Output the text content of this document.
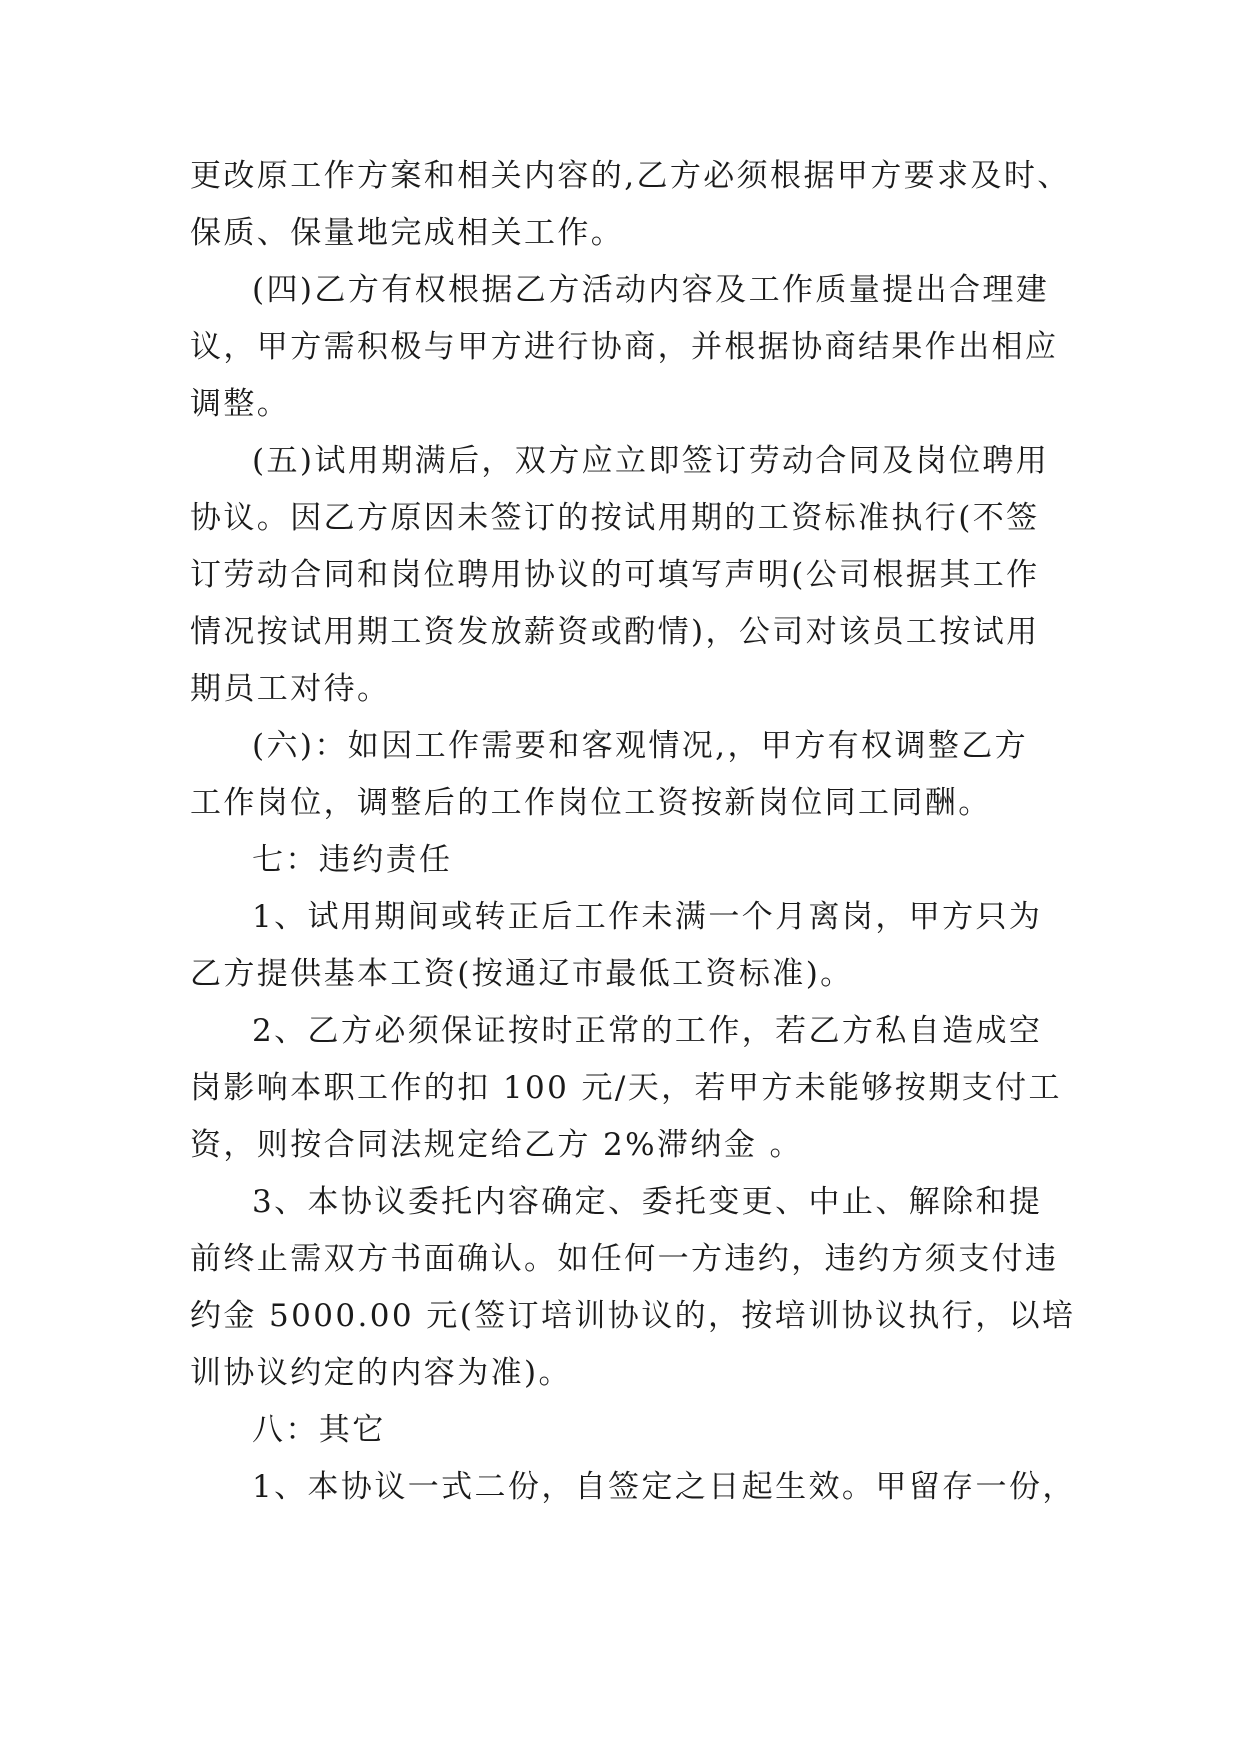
更改原工作方案和相关内容的,乙方必须根据甲方要求及时、
保质、保量地完成相关工作。
(四)乙方有权根据乙方活动内容及工作质量提出合理建
议，甲方需积极与甲方进行协商，并根据协商结果作出相应
调整。
(五)试用期满后，双方应立即签订劳动合同及岗位聘用
协议。因乙方原因未签订的按试用期的工资标准执行(不签
订劳动合同和岗位聘用协议的可填写声明(公司根据其工作
情况按试用期工资发放薪资或酌情)，公司对该员工按试用
期员工对待。
(六)：如因工作需要和客观情况,，甲方有权调整乙方
工作岗位，调整后的工作岗位工资按新岗位同工同酬。
七：违约责任
1、试用期间或转正后工作未满一个月离岗，甲方只为
乙方提供基本工资(按通辽市最低工资标准)。
2、乙方必须保证按时正常的工作，若乙方私自造成空
岗影响本职工作的扣 100 元/天，若甲方未能够按期支付工
资，则按合同法规定给乙方 2%滞纳金 。
3、本协议委托内容确定、委托变更、中止、解除和提
前终止需双方书面确认。如任何一方违约，违约方须支付违
约金 5000.00 元(签订培训协议的，按培训协议执行，以培
训协议约定的内容为准)。
八：其它
1、本协议一式二份，自签定之日起生效。甲留存一份，
